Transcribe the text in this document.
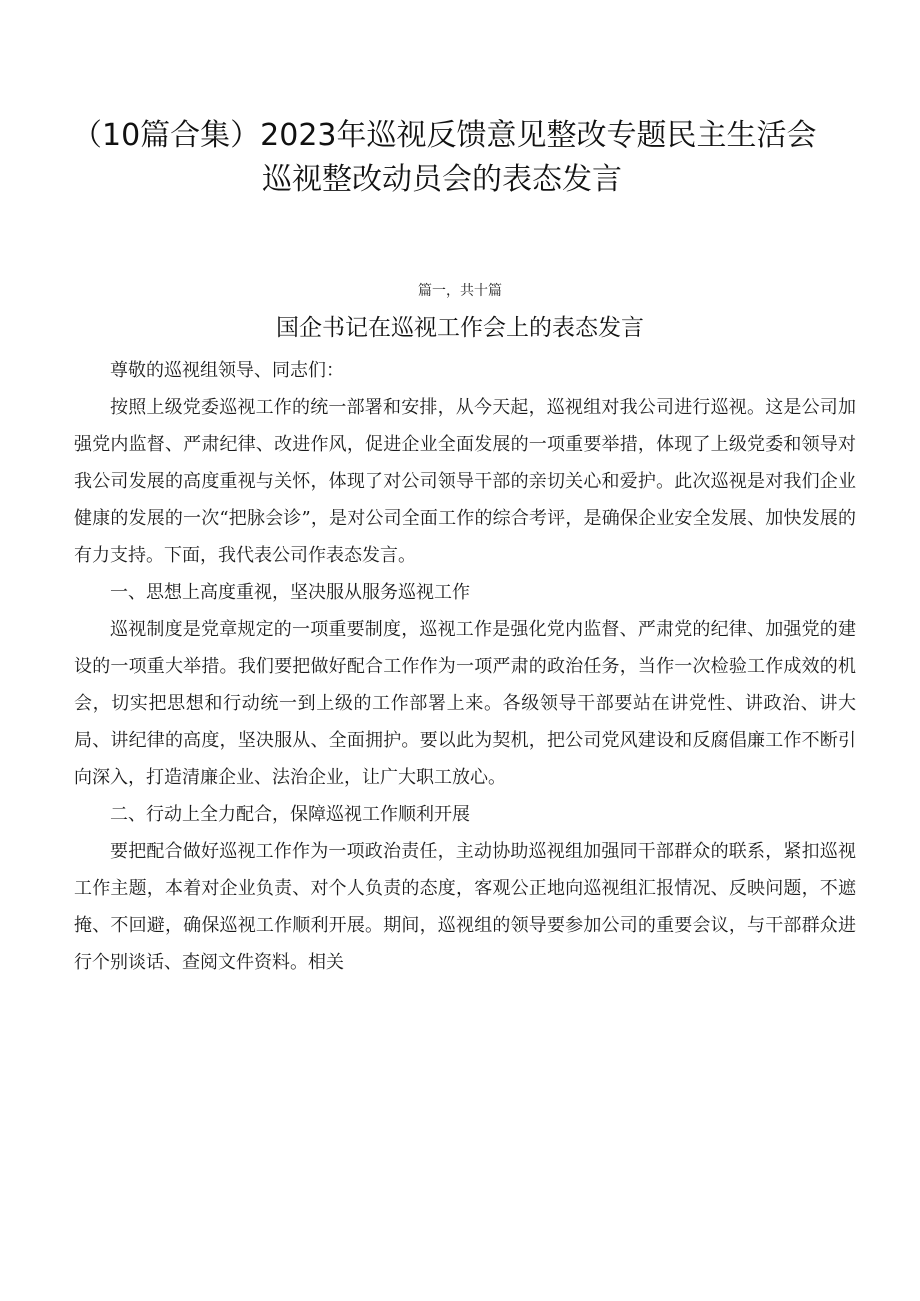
（10篇合集）2023年巡视反馈意见整改专题民主生活会
巡视整改动员会的表态发言
篇一，共十篇
国企书记在巡视工作会上的表态发言

尊敬的巡视组领导、同志们：

按照上级党委巡视工作的统一部署和安排，从今天起，巡视组对我公司进行巡视。这是公司加强党内监督、严肃纪律、改进作风，促进企业全面发展的一项重要举措，体现了上级党委和领导对我公司发展的高度重视与关怀，体现了对公司领导干部的亲切关心和爱护。此次巡视是对我们企业健康的发展的一次“把脉会诊”，是对公司全面工作的综合考评，是确保企业安全发展、加快发展的有力支持。下面，我代表公司作表态发言。

一、思想上高度重视，坚决服从服务巡视工作

巡视制度是党章规定的一项重要制度，巡视工作是强化党内监督、严肃党的纪律、加强党的建设的一项重大举措。我们要把做好配合工作作为一项严肃的政治任务，当作一次检验工作成效的机会，切实把思想和行动统一到上级的工作部署上来。各级领导干部要站在讲党性、讲政治、讲大局、讲纪律的高度，坚决服从、全面拥护。要以此为契机，把公司党风建设和反腐倡廉工作不断引向深入，打造清廉企业、法治企业，让广大职工放心。

二、行动上全力配合，保障巡视工作顺利开展

要把配合做好巡视工作作为一项政治责任，主动协助巡视组加强同干部群众的联系，紧扣巡视工作主题，本着对企业负责、对个人负责的态度，客观公正地向巡视组汇报情况、反映问题，不遮掩、不回避，确保巡视工作顺利开展。期间，巡视组的领导要参加公司的重要会议，与干部群众进行个别谈话、查阅文件资料。相关
